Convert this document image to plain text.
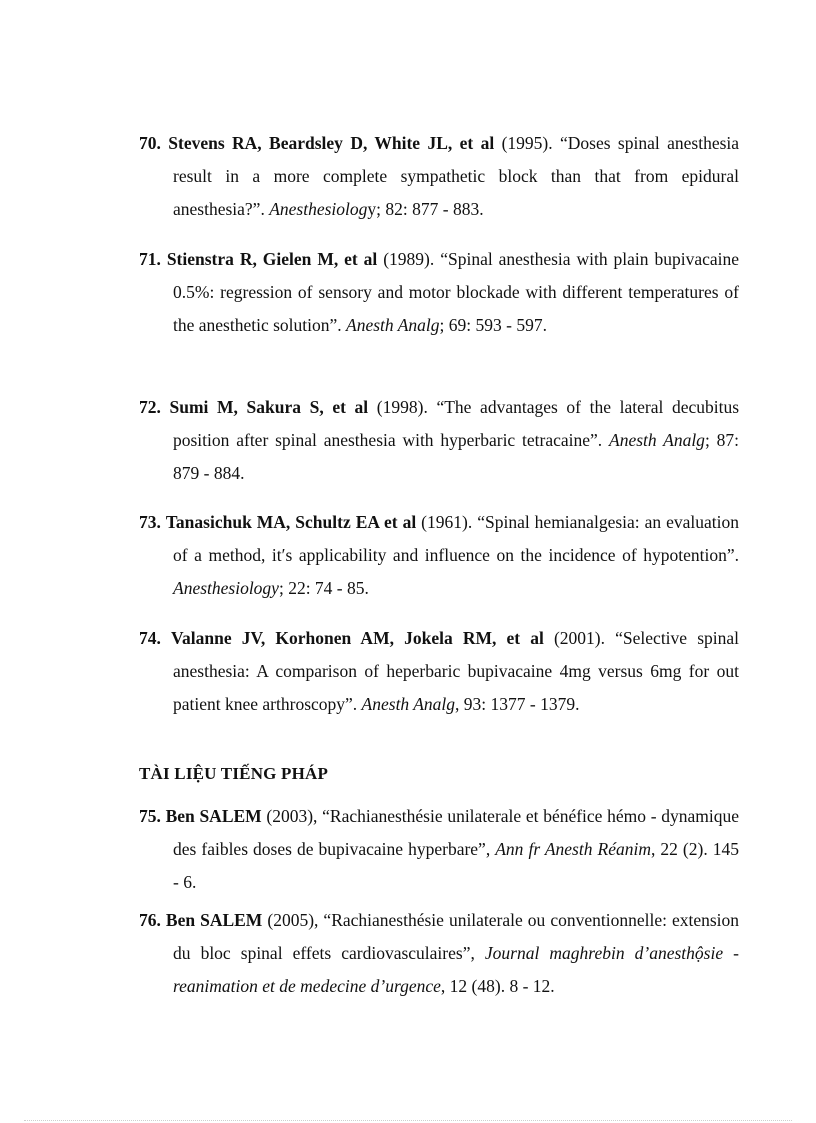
70. Stevens RA, Beardsley D, White JL, et al (1995). “Doses spinal anesthesia result in a more complete sympathetic block than that from epidural anesthesia?”. Anesthesiology; 82: 877 - 883.
71. Stienstra R, Gielen M, et al (1989). “Spinal anesthesia with plain bupivacaine 0.5%: regression of sensory and motor blockade with different temperatures of the anesthetic solution”. Anesth Analg; 69: 593 - 597.
72. Sumi M, Sakura S, et al (1998). “The advantages of the lateral decubitus position after spinal anesthesia with hyperbaric tetracaine”. Anesth Analg; 87: 879 - 884.
73. Tanasichuk MA, Schultz EA et al (1961). “Spinal hemianalgesia: an evaluation of a method, it′s applicability and influence on the incidence of hypotention”. Anesthesiology; 22: 74 - 85.
74. Valanne JV, Korhonen AM, Jokela RM, et al (2001). “Selective spinal anesthesia: A comparison of heperbaric bupivacaine 4mg versus 6mg for out patient knee arthroscopy”. Anesth Analg, 93: 1377 - 1379.
TÀI LIỆU TIẾNG PHÁP
75. Ben SALEM (2003), “Rachianesthésie unilaterale et bénéfice hémo - dynamique des faibles doses de bupivacaine hyperbare”, Ann fr Anesth Réanim, 22 (2). 145 - 6.
76. Ben SALEM (2005), “Rachianesthésie unilaterale ou conventionnelle: extension du bloc spinal effets cardiovasculaires”, Journal maghrebin d’anesthộsie - reanimation et de medecine d’urgence, 12 (48). 8 - 12.
